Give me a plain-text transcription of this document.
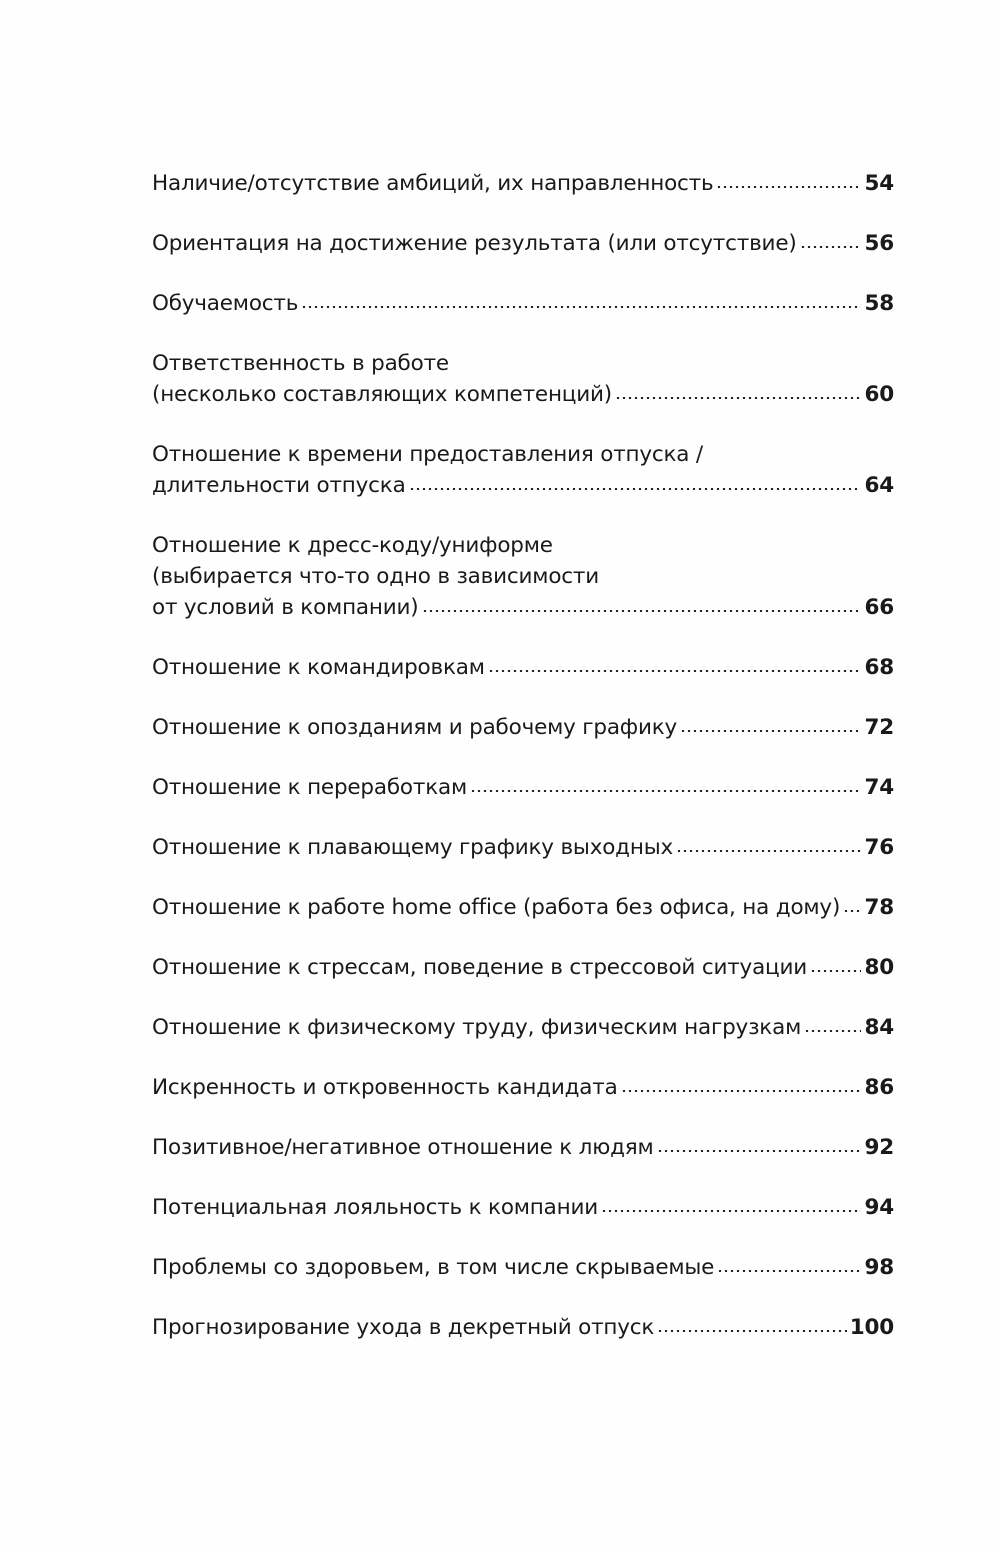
Наличие/отсутствие амбиций, их направленность	54
Ориентация на достижение результата (или отсутствие)	56
Обучаемость	58
Ответственность в работе
(несколько составляющих компетенций)	60
Отношение к времени предоставления отпуска /
длительности отпуска	64
Отношение к дресс-коду/униформе
(выбирается что-то одно в зависимости
от условий в компании)	66
Отношение к командировкам	68
Отношение к опозданиям и рабочему графику	72
Отношение к переработкам	74
Отношение к плавающему графику выходных	76
Отношение к работе home office (работа без офиса, на дому) 78
Отношение к стрессам, поведение в стрессовой ситуации	80
Отношение к физическому труду, физическим нагрузкам	84
Искренность и откровенность кандидата	86
Позитивное/негативное отношение к людям	92
Потенциальная лояльность к компании	94
Проблемы со здоровьем, в том числе скрываемые	98
Прогнозирование ухода в декретный отпуск	100
